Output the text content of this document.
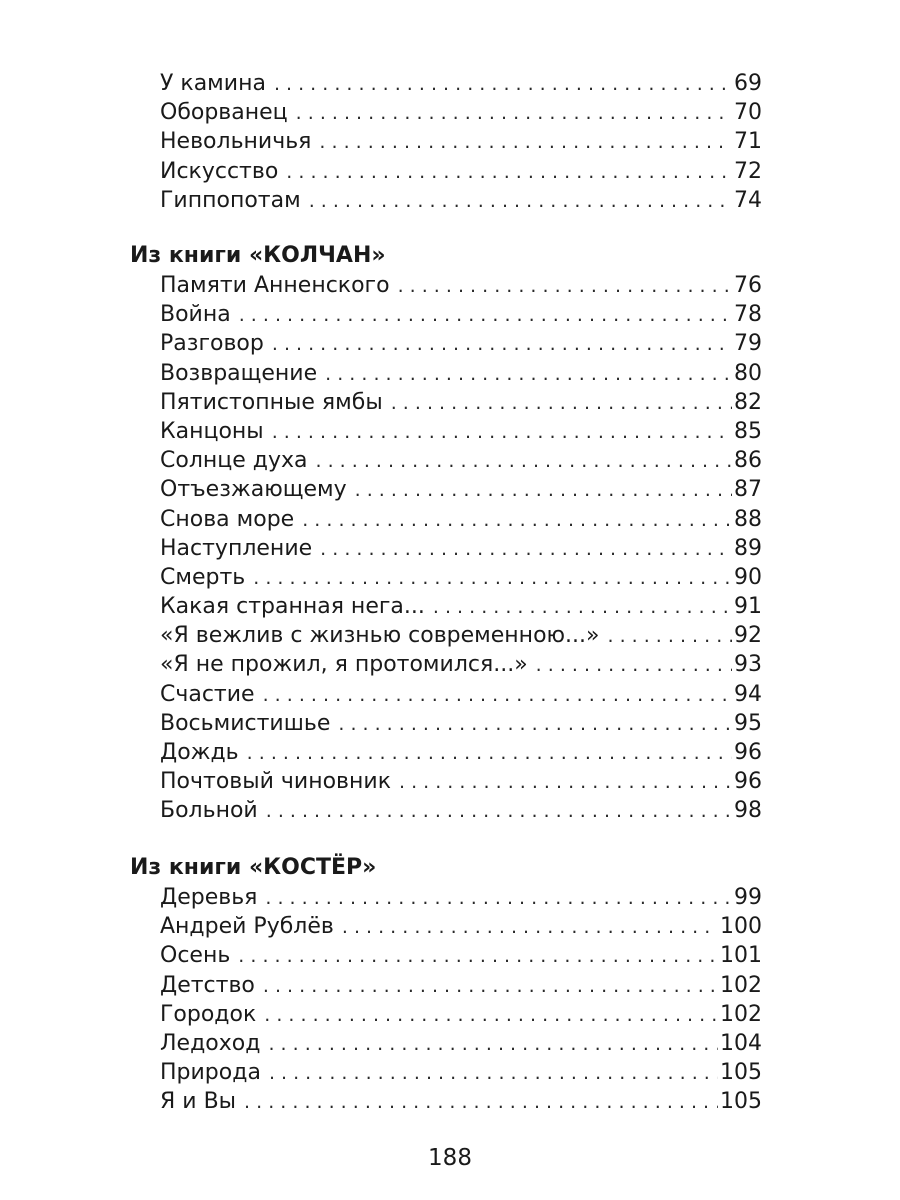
У камина . . .	69
Оборванец . . .	70
Невольничья . . .	71
Искусство . . .	72
Гиппопотам . . .	74
Из книги «КОЛЧАН»
Памяти Анненского . . .	76
Война . . .	78
Разговор . . .	79
Возвращение . . .	80
Пятистопные ямбы . . .	82
Канцоны . . .	85
Солнце духа . . .	86
Отъезжающему . . .	87
Снова море . . .	88
Наступление . . .	89
Смерть . . .	90
Какая странная нега... . . .	91
«Я вежлив с жизнью современною...» . . .	92
«Я не прожил, я протомился...» . . .	93
Счастие . . .	94
Восьмистишье . . .	95
Дождь . . .	96
Почтовый чиновник . . .	96
Больной . . .	98
Из книги «КОСТЁР»
Деревья . . .	99
Андрей Рублёв . . .	100
Осень . . .	101
Детство . . .	102
Городок . . .	102
Ледоход . . .	104
Природа . . .	105
Я и Вы . . .	105
188
